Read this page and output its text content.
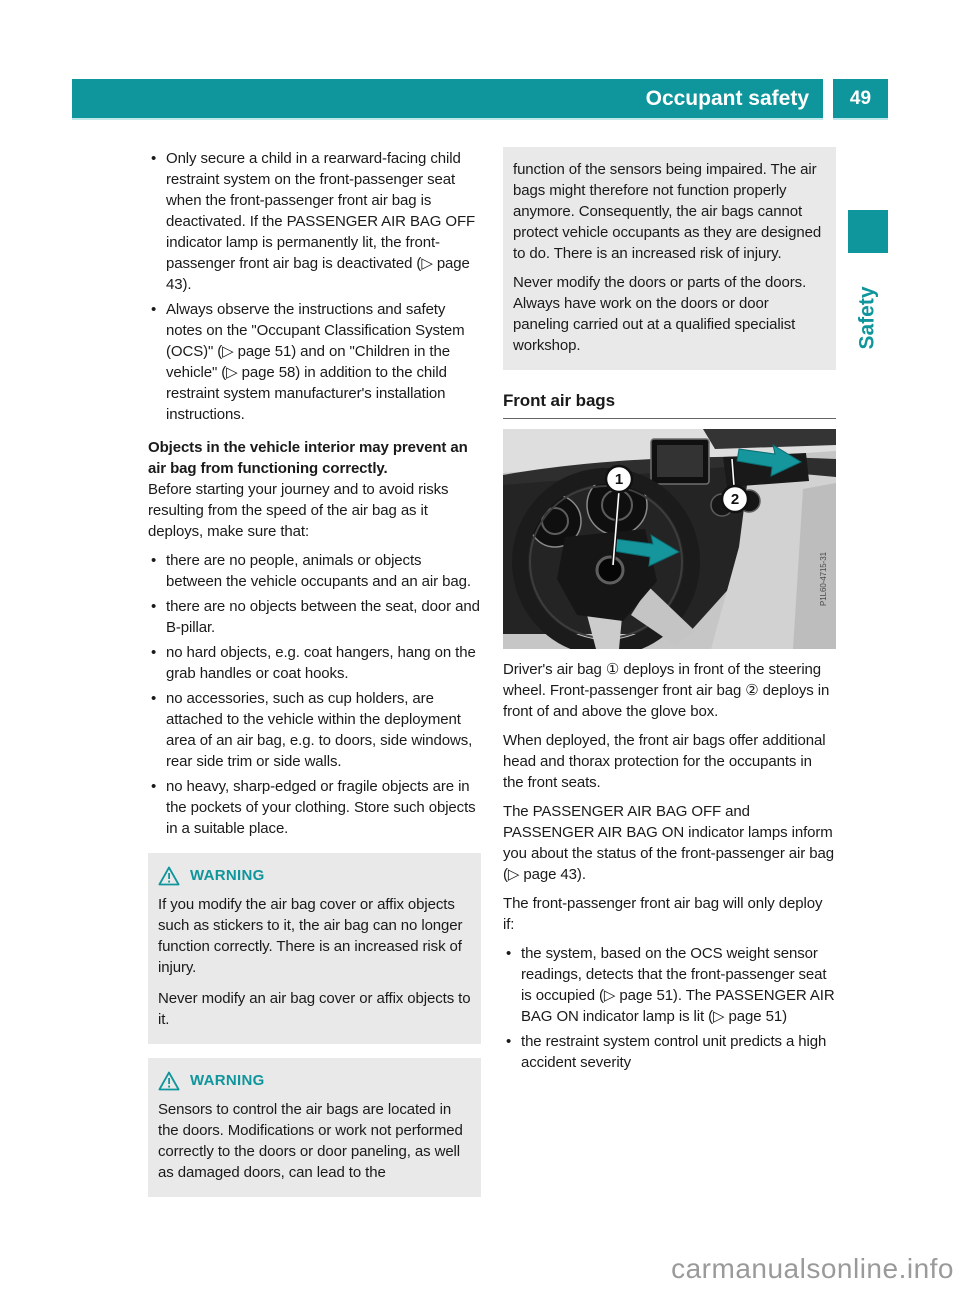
Occupant safety 49
Safety
• Only secure a child in a rearward-facing child restraint system on the front-passenger seat when the front-passenger front air bag is deactivated. If the PASSENGER AIR BAG OFF indicator lamp is permanently lit, the front-passenger front air bag is deactivated (▷ page 43).
• Always observe the instructions and safety notes on the "Occupant Classification System (OCS)" (▷ page 51) and on "Children in the vehicle" (▷ page 58) in addition to the child restraint system manufacturer's installation instructions.

Objects in the vehicle interior may prevent an air bag from functioning correctly.

Before starting your journey and to avoid risks resulting from the speed of the air bag as it deploys, make sure that:

• there are no people, animals or objects between the vehicle occupants and an air bag.
• there are no objects between the seat, door and B-pillar.
• no hard objects, e.g. coat hangers, hang on the grab handles or coat hooks.
• no accessories, such as cup holders, are attached to the vehicle within the deployment area of an air bag, e.g. to doors, side windows, rear side trim or side walls.
• no heavy, sharp-edged or fragile objects are in the pockets of your clothing. Store such objects in a suitable place.
WARNING

If you modify the air bag cover or affix objects such as stickers to it, the air bag can no longer function correctly. There is an increased risk of injury.

Never modify an air bag cover or affix objects to it.

WARNING

Sensors to control the air bags are located in the doors. Modifications or work not performed correctly to the doors or door paneling, as well as damaged doors, can lead to the

function of the sensors being impaired. The air bags might therefore not function properly anymore. Consequently, the air bags cannot protect vehicle occupants as they are designed to do. There is an increased risk of injury.

Never modify the doors or parts of the doors. Always have work on the doors or door paneling carried out at a qualified specialist workshop.

Front air bags
1
2
P1L60-4715-31

Driver's air bag ① deploys in front of the steering wheel. Front-passenger front air bag ② deploys in front of and above the glove box.

When deployed, the front air bags offer additional head and thorax protection for the occupants in the front seats.

The PASSENGER AIR BAG OFF and PASSENGER AIR BAG ON indicator lamps inform you about the status of the front-passenger air bag (▷ page 43).

The front-passenger front air bag will only deploy if:

• the system, based on the OCS weight sensor readings, detects that the front-passenger seat is occupied (▷ page 51). The PASSENGER AIR BAG ON indicator lamp is lit (▷ page 51)
• the restraint system control unit predicts a high accident severity
carmanualsonline.info
